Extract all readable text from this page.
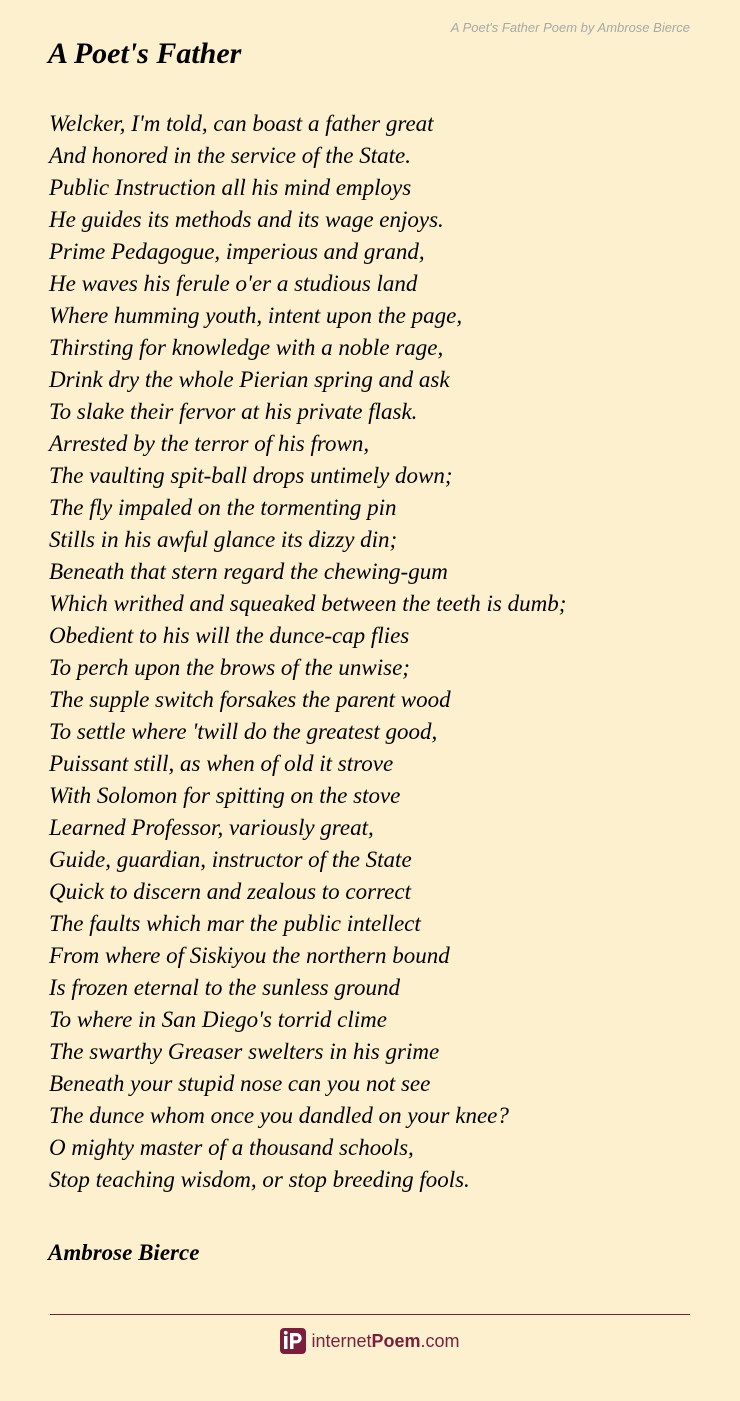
A Poet's Father Poem by Ambrose Bierce
A Poet's Father
Welcker, I'm told, can boast a father great
And honored in the service of the State.
Public Instruction all his mind employs
He guides its methods and its wage enjoys.
Prime Pedagogue, imperious and grand,
He waves his ferule o'er a studious land
Where humming youth, intent upon the page,
Thirsting for knowledge with a noble rage,
Drink dry the whole Pierian spring and ask
To slake their fervor at his private flask.
Arrested by the terror of his frown,
The vaulting spit-ball drops untimely down;
The fly impaled on the tormenting pin
Stills in his awful glance its dizzy din;
Beneath that stern regard the chewing-gum
Which writhed and squeaked between the teeth is dumb;
Obedient to his will the dunce-cap flies
To perch upon the brows of the unwise;
The supple switch forsakes the parent wood
To settle where 'twill do the greatest good,
Puissant still, as when of old it strove
With Solomon for spitting on the stove
Learned Professor, variously great,
Guide, guardian, instructor of the State
Quick to discern and zealous to correct
The faults which mar the public intellect
From where of Siskiyou the northern bound
Is frozen eternal to the sunless ground
To where in San Diego's torrid clime
The swarthy Greaser swelters in his grime
Beneath your stupid nose can you not see
The dunce whom once you dandled on your knee?
O mighty master of a thousand schools,
Stop teaching wisdom, or stop breeding fools.
Ambrose Bierce
internetPoem.com
